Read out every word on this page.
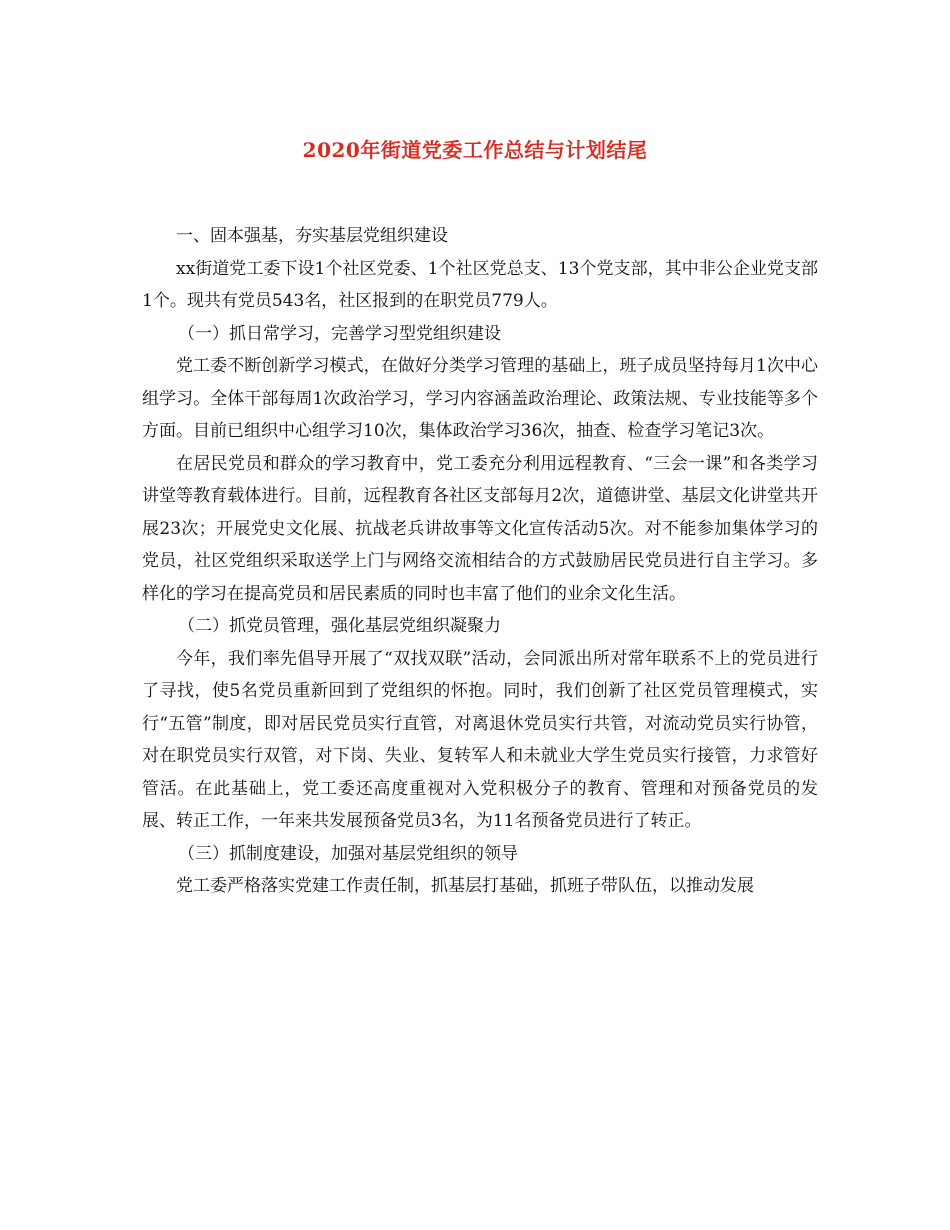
2020年街道党委工作总结与计划结尾

一、固本强基，夯实基层党组织建设

xx街道党工委下设1个社区党委、1个社区党总支、13个党支部，其中非公企业党支部1个。现共有党员543名，社区报到的在职党员779人。

（一）抓日常学习，完善学习型党组织建设

党工委不断创新学习模式，在做好分类学习管理的基础上，班子成员坚持每月1次中心组学习。全体干部每周1次政治学习，学习内容涵盖政治理论、政策法规、专业技能等多个方面。目前已组织中心组学习10次，集体政治学习36次，抽查、检查学习笔记3次。

在居民党员和群众的学习教育中，党工委充分利用远程教育、“三会一课”和各类学习讲堂等教育载体进行。目前，远程教育各社区支部每月2次，道德讲堂、基层文化讲堂共开展23次；开展党史文化展、抗战老兵讲故事等文化宣传活动5次。对不能参加集体学习的党员，社区党组织采取送学上门与网络交流相结合的方式鼓励居民党员进行自主学习。多样化的学习在提高党员和居民素质的同时也丰富了他们的业余文化生活。

（二）抓党员管理，强化基层党组织凝聚力

今年，我们率先倡导开展了“双找双联”活动，会同派出所对常年联系不上的党员进行了寻找，使5名党员重新回到了党组织的怀抱。同时，我们创新了社区党员管理模式，实行“五管”制度，即对居民党员实行直管，对离退休党员实行共管，对流动党员实行协管，对在职党员实行双管，对下岗、失业、复转军人和未就业大学生党员实行接管，力求管好管活。在此基础上，党工委还高度重视对入党积极分子的教育、管理和对预备党员的发展、转正工作，一年来共发展预备党员3名，为11名预备党员进行了转正。

（三）抓制度建设，加强对基层党组织的领导

党工委严格落实党建工作责任制，抓基层打基础，抓班子带队伍，以推动发展
